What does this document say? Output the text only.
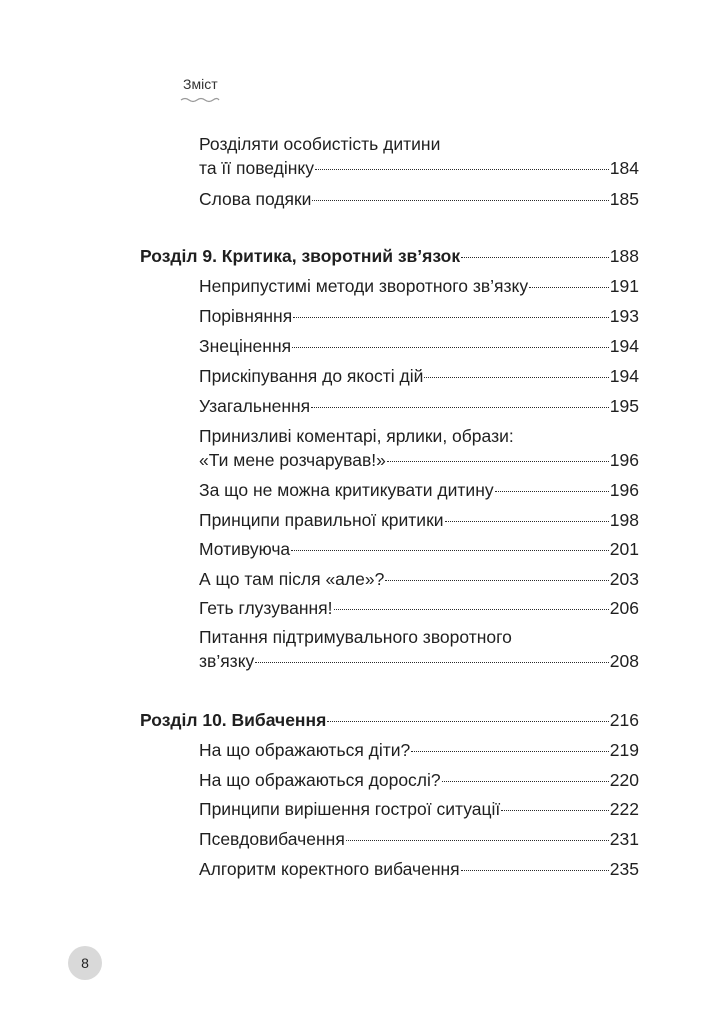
Зміст
Розділяти особистість дитини
та її поведінку	184
Слова подяки	185
Розділ 9. Критика, зворотний зв’язок	188
Неприпустимі методи зворотного зв’язку	191
Порівняння	193
Знецінення	194
Прискіпування до якості дій	194
Узагальнення	195
Принизливі коментарі, ярлики, образи:
«Ти мене розчарував!»	196
За що не можна критикувати дитину	196
Принципи правильної критики	198
Мотивуюча	201
А що там після «але»?	203
Геть глузування!	206
Питання підтримувального зворотного
зв’язку	208
Розділ 10. Вибачення	216
На що ображаються діти?	219
На що ображаються дорослі?	220
Принципи вирішення гострої ситуації	222
Псевдовибачення	231
Алгоритм коректного вибачення	235
8
